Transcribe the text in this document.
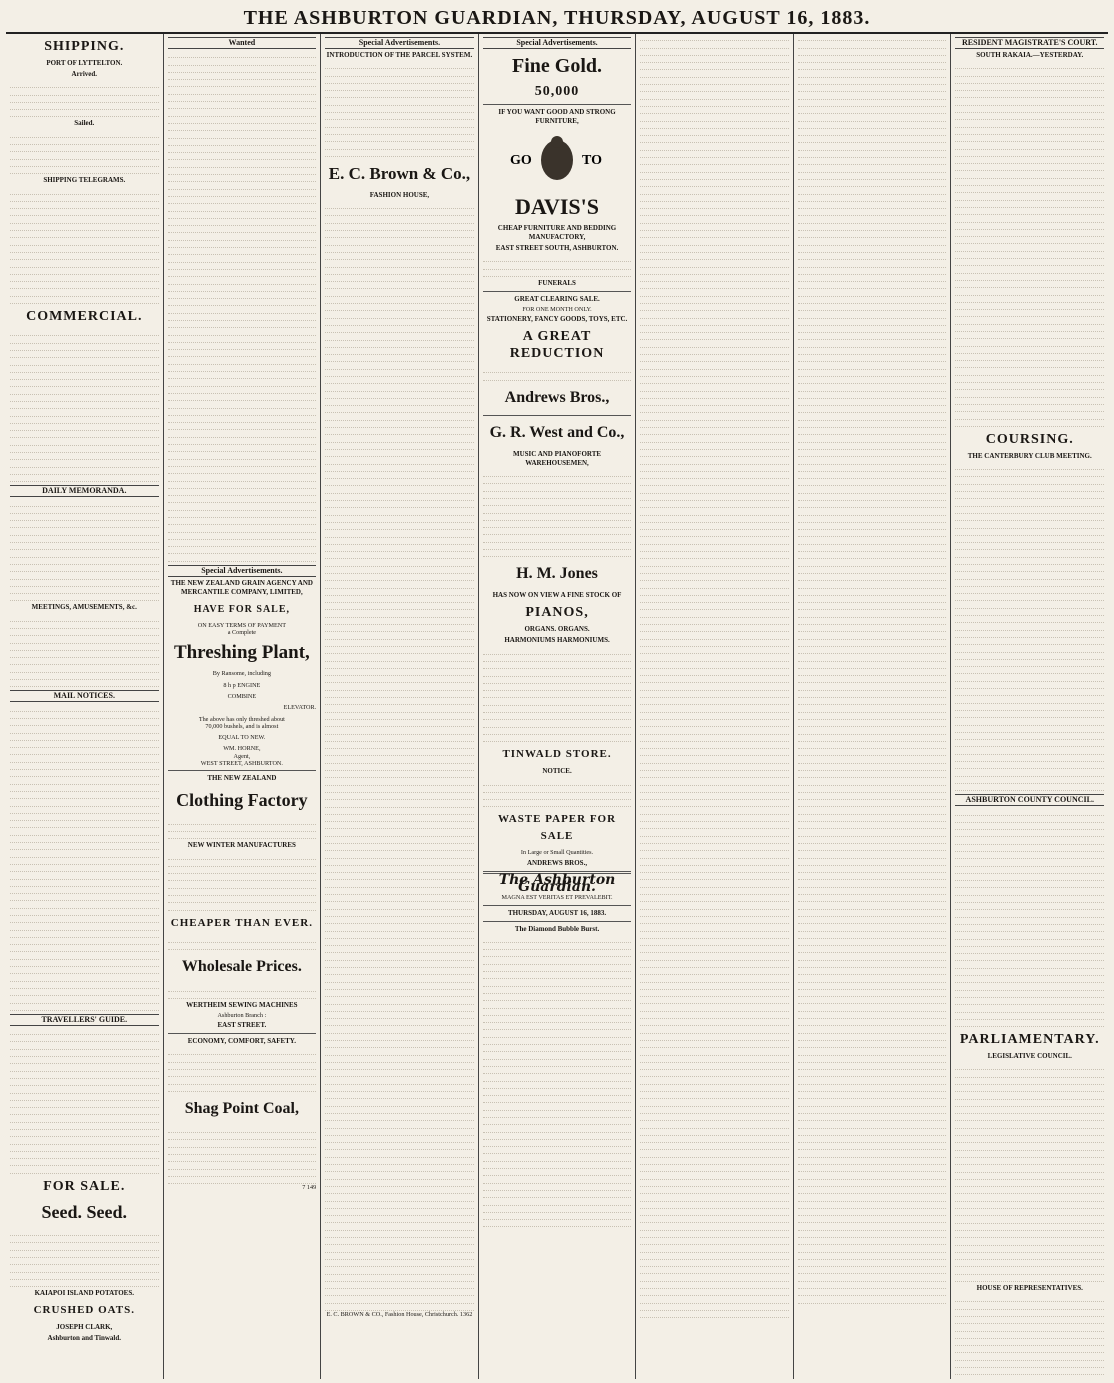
THE ASHBURTON GUARDIAN, THURSDAY, AUGUST 16, 1883.
SHIPPING.
PORT OF LYTTELTON.
Arrived.
Sailed.
SHIPPING TELEGRAMS.
COMMERCIAL.
DAILY MEMORANDA.
MEETINGS, AMUSEMENTS, &c.
MAIL NOTICES.
TRAVELLERS' GUIDE.
FOR SALE.
Seed. Seed.
KAIAPOI ISLAND POTATOES.
CRUSHED OATS.
JOSEPH CLARK,
Ashburton and Tinwald.
Wanted
Special Advertisements.
THE NEW ZEALAND GRAIN AGENCY AND MERCANTILE COMPANY, LIMITED,
HAVE FOR SALE,
ON EASY TERMS OF PAYMENT
a Complete
Threshing Plant,
By Ransome, including
8 h p ENGINE
COMBINE
ELEVATOR.
The above has only threshed about
70,000 bushels, and is almost
EQUAL TO NEW.
WM. HORNE,
Agent,
WEST STREET, ASHBURTON.
THE NEW ZEALAND
Clothing Factory
NEW WINTER MANUFACTURES
CHEAPER THAN EVER.
Wholesale Prices.
WERTHEIM SEWING MACHINES
Ashburton Branch :
EAST STREET.
ECONOMY, COMFORT, SAFETY.
Shag Point Coal,
7 149
Special Advertisements.
INTRODUCTION OF THE PARCEL SYSTEM.
E. C. Brown & Co.,
FASHION HOUSE,
E. C. BROWN & CO., Fashion House, Christchurch. 1362
Special Advertisements.
Fine Gold.
50,000
IF YOU WANT GOOD AND STRONG FURNITURE,
GO	TO
DAVIS'S
CHEAP FURNITURE AND BEDDING MANUFACTORY,
EAST STREET SOUTH, ASHBURTON.
FUNERALS
GREAT CLEARING SALE.
FOR ONE MONTH ONLY.
STATIONERY, FANCY GOODS, TOYS, ETC.
A GREAT REDUCTION
Andrews Bros.,
G. R. West and Co.,
MUSIC AND PIANOFORTE WAREHOUSEMEN,
H. M. Jones
HAS NOW ON VIEW A FINE STOCK OF
PIANOS,
ORGANS. ORGANS.
HARMONIUMS HARMONIUMS.
TINWALD STORE.
NOTICE.
WASTE PAPER FOR SALE
In Large or Small Quantities.
ANDREWS BROS.,
The Ashburton Guardian.
MAGNA EST VERITAS ET PREVALEBIT.
THURSDAY, AUGUST 16, 1883.
The Diamond Bubble Burst.
RESIDENT MAGISTRATE'S COURT.
SOUTH RAKAIA.—YESTERDAY.
COURSING.
THE CANTERBURY CLUB MEETING.
ASHBURTON COUNTY COUNCIL.
PARLIAMENTARY.
LEGISLATIVE COUNCIL.
HOUSE OF REPRESENTATIVES.
